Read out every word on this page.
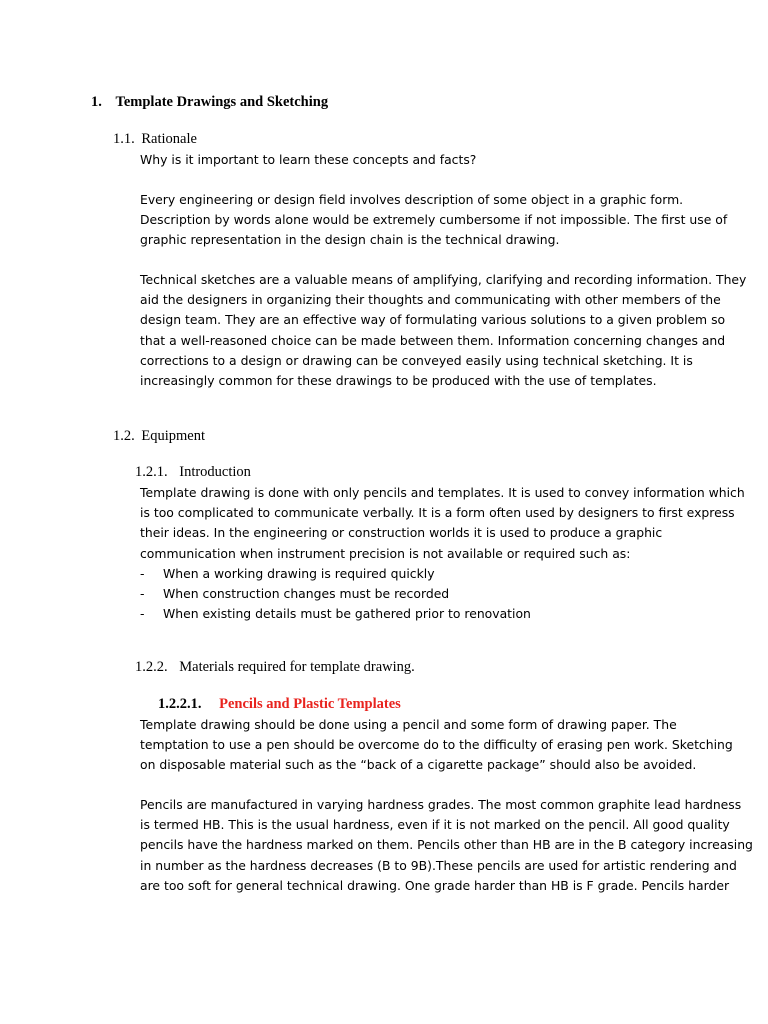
1. Template Drawings and Sketching
1.1. Rationale
Why is it important to learn these concepts and facts?
Every engineering or design field involves description of some object in a graphic form.
Description by words alone would be extremely cumbersome if not impossible. The first use of
graphic representation in the design chain is the technical drawing.
Technical sketches are a valuable means of amplifying, clarifying and recording information. They
aid the designers in organizing their thoughts and communicating with other members of the
design team. They are an effective way of formulating various solutions to a given problem so
that a well-reasoned choice can be made between them. Information concerning changes and
corrections to a design or drawing can be conveyed easily using technical sketching. It is
increasingly common for these drawings to be produced with the use of templates.
1.2. Equipment
1.2.1. Introduction
Template drawing is done with only pencils and templates. It is used to convey information which
is too complicated to communicate verbally. It is a form often used by designers to first express
their ideas. In the engineering or construction worlds it is used to produce a graphic
communication when instrument precision is not available or required such as:
- When a working drawing is required quickly
- When construction changes must be recorded
- When existing details must be gathered prior to renovation
1.2.2. Materials required for template drawing.
1.2.2.1. Pencils and Plastic Templates
Template drawing should be done using a pencil and some form of drawing paper. The
temptation to use a pen should be overcome do to the difficulty of erasing pen work. Sketching
on disposable material such as the “back of a cigarette package” should also be avoided.
Pencils are manufactured in varying hardness grades. The most common graphite lead hardness
is termed HB. This is the usual hardness, even if it is not marked on the pencil. All good quality
pencils have the hardness marked on them. Pencils other than HB are in the B category increasing
in number as the hardness decreases (B to 9B).These pencils are used for artistic rendering and
are too soft for general technical drawing. One grade harder than HB is F grade. Pencils harder
